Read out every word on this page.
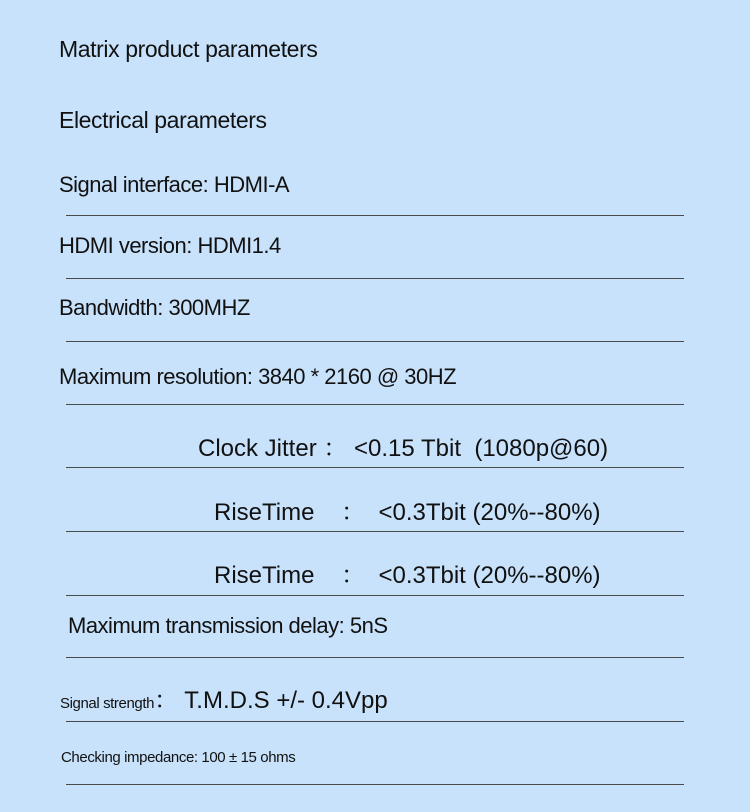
Matrix product parameters
Electrical parameters
Signal interface: HDMI-A
HDMI version: HDMI1.4
Bandwidth: 300MHZ
Maximum resolution: 3840 * 2160 @ 30HZ
Clock Jitter ： <0.15 Tbit  (1080p@60)
RiseTime    ：  <0.3Tbit (20%--80%)
RiseTime    ：  <0.3Tbit (20%--80%)
Maximum transmission delay: 5nS
Signal strength： T.M.D.S +/- 0.4Vpp
Checking impedance: 100 ± 15 ohms
